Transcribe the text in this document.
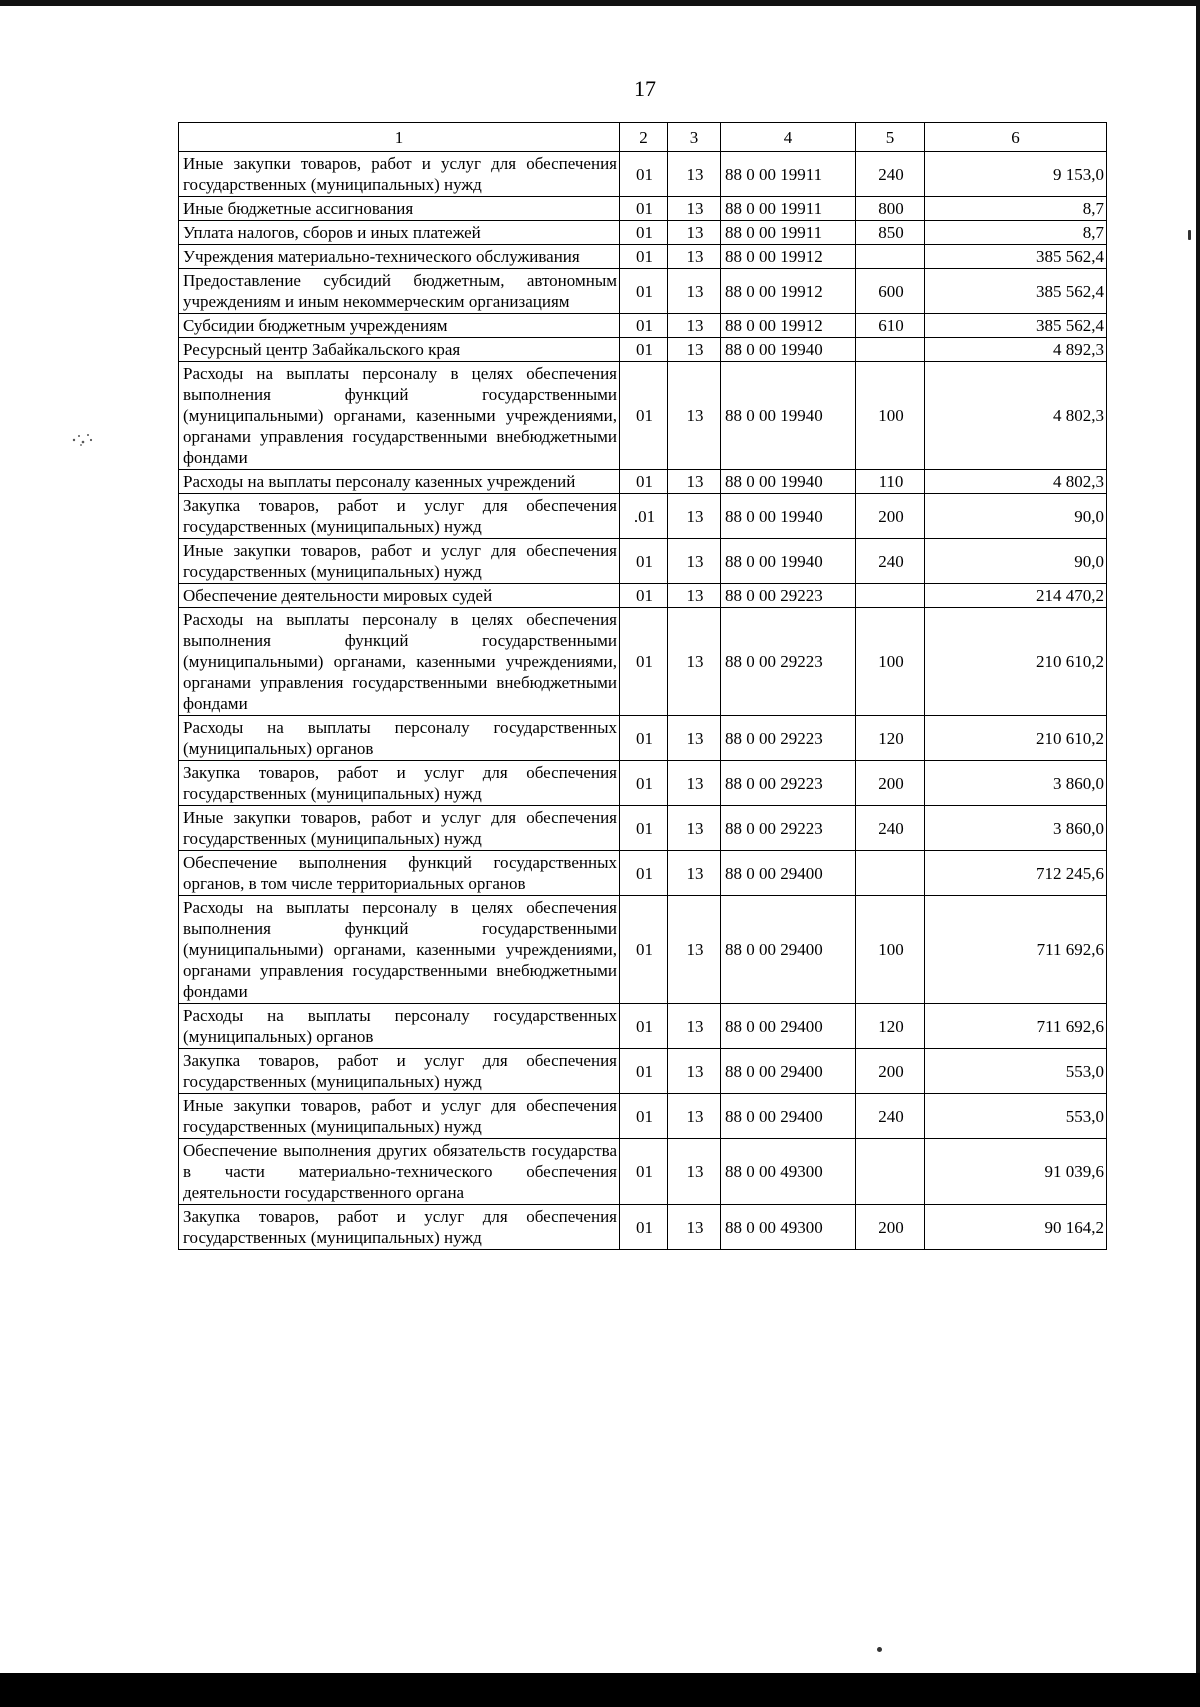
17
1	2	3	4	5	6
Иные закупки товаров, работ и услуг для обеспечения государственных (муниципальных) нужд	01	13	88 0 00 19911	240	9 153,0
Иные бюджетные ассигнования	01	13	88 0 00 19911	800	8,7
Уплата налогов, сборов и иных платежей	01	13	88 0 00 19911	850	8,7
Учреждения материально-технического обслуживания	01	13	88 0 00 19912		385 562,4
Предоставление субсидий бюджетным, автономным учреждениям и иным некоммерческим организациям	01	13	88 0 00 19912	600	385 562,4
Субсидии бюджетным учреждениям	01	13	88 0 00 19912	610	385 562,4
Ресурсный центр Забайкальского края	01	13	88 0 00 19940		4 892,3
Расходы на выплаты персоналу в целях обеспечения выполнения функций государственными (муниципальными) органами, казенными учреждениями, органами управления государственными внебюджетными фондами	01	13	88 0 00 19940	100	4 802,3
Расходы на выплаты персоналу казенных учреждений	01	13	88 0 00 19940	110	4 802,3
Закупка товаров, работ и услуг для обеспечения государственных (муниципальных) нужд	.01	13	88 0 00 19940	200	90,0
Иные закупки товаров, работ и услуг для обеспечения государственных (муниципальных) нужд	01	13	88 0 00 19940	240	90,0
Обеспечение деятельности мировых судей	01	13	88 0 00 29223		214 470,2
Расходы на выплаты персоналу в целях обеспечения выполнения функций государственными (муниципальными) органами, казенными учреждениями, органами управления государственными внебюджетными фондами	01	13	88 0 00 29223	100	210 610,2
Расходы на выплаты персоналу государственных (муниципальных) органов	01	13	88 0 00 29223	120	210 610,2
Закупка товаров, работ и услуг для обеспечения государственных (муниципальных) нужд	01	13	88 0 00 29223	200	3 860,0
Иные закупки товаров, работ и услуг для обеспечения государственных (муниципальных) нужд	01	13	88 0 00 29223	240	3 860,0
Обеспечение выполнения функций государственных органов, в том числе территориальных органов	01	13	88 0 00 29400		712 245,6
Расходы на выплаты персоналу в целях обеспечения выполнения функций государственными (муниципальными) органами, казенными учреждениями, органами управления государственными внебюджетными фондами	01	13	88 0 00 29400	100	711 692,6
Расходы на выплаты персоналу государственных (муниципальных) органов	01	13	88 0 00 29400	120	711 692,6
Закупка товаров, работ и услуг для обеспечения государственных (муниципальных) нужд	01	13	88 0 00 29400	200	553,0
Иные закупки товаров, работ и услуг для обеспечения государственных (муниципальных) нужд	01	13	88 0 00 29400	240	553,0
Обеспечение выполнения других обязательств государства в части материально-технического обеспечения деятельности государственного органа	01	13	88 0 00 49300		91 039,6
Закупка товаров, работ и услуг для обеспечения государственных (муниципальных) нужд	01	13	88 0 00 49300	200	90 164,2
